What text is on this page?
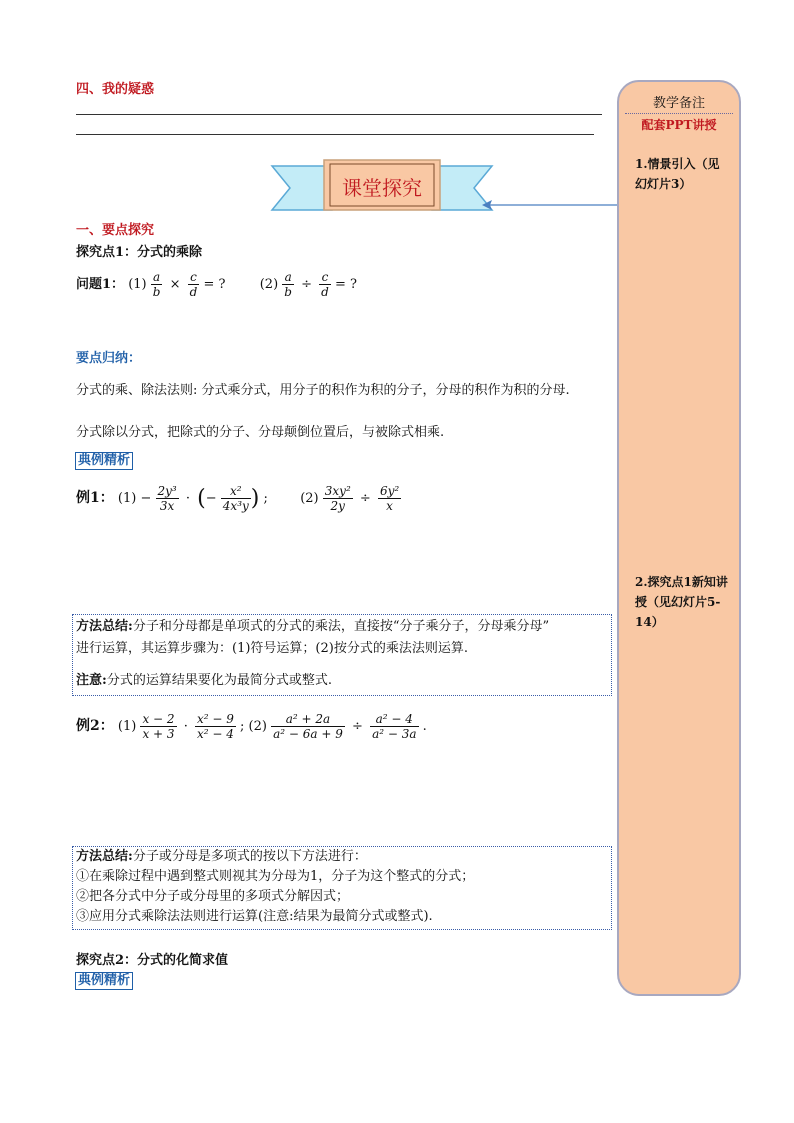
四、我的疑惑
课堂探究
教学备注
配套PPT讲授
1.情景引入（见幻灯片3）
2.探究点1新知讲授（见幻灯片5-14）
一、要点探究
探究点1：分式的乘除
问题1： $(1) \frac{a}{b} \times \frac{c}{d}$ = ?	$(2) \frac{a}{b} \div \frac{c}{d}$ = ?
要点归纳：
分式的乘、除法法则: 分式乘分式，用分子的积作为积的分子，分母的积作为积的分母.
分式除以分式，把除式的分子、分母颠倒位置后，与被除式相乘.
典例精析
例1： $(1) - \frac{\text{2y³}}{3x}$ · (− $\frac{\text{x²}}{\text{4x³y}}$ ) ; $(2) \frac{\text{3xy²}}{2y} \div \frac{\text{6y²}}{x}$
方法总结:分子和分母都是单项式的分式的乘法，直接按“分子乘分子，分母乘分母”
进行运算，其运算步骤为：(1)符号运算；(2)按分式的乘法法则运算.
注意:分式的运算结果要化为最简分式或整式.
例2： $(1) \frac{x - 2}{x + 3} \cdot \frac{\text{x² − 9}}{\text{x² − 4}}$ ; $(2) \frac{\text{a² + 2a}}{\text{a² − 6a + 9}} \div \frac{\text{a² − 4}}{\text{a² − 3a}}$ .
方法总结:分子或分母是多项式的按以下方法进行：
①在乘除过程中遇到整式则视其为分母为1，分子为这个整式的分式；
②把各分式中分子或分母里的多项式分解因式；
③应用分式乘除法法则进行运算(注意:结果为最简分式或整式).
探究点2：分式的化简求值
典例精析
